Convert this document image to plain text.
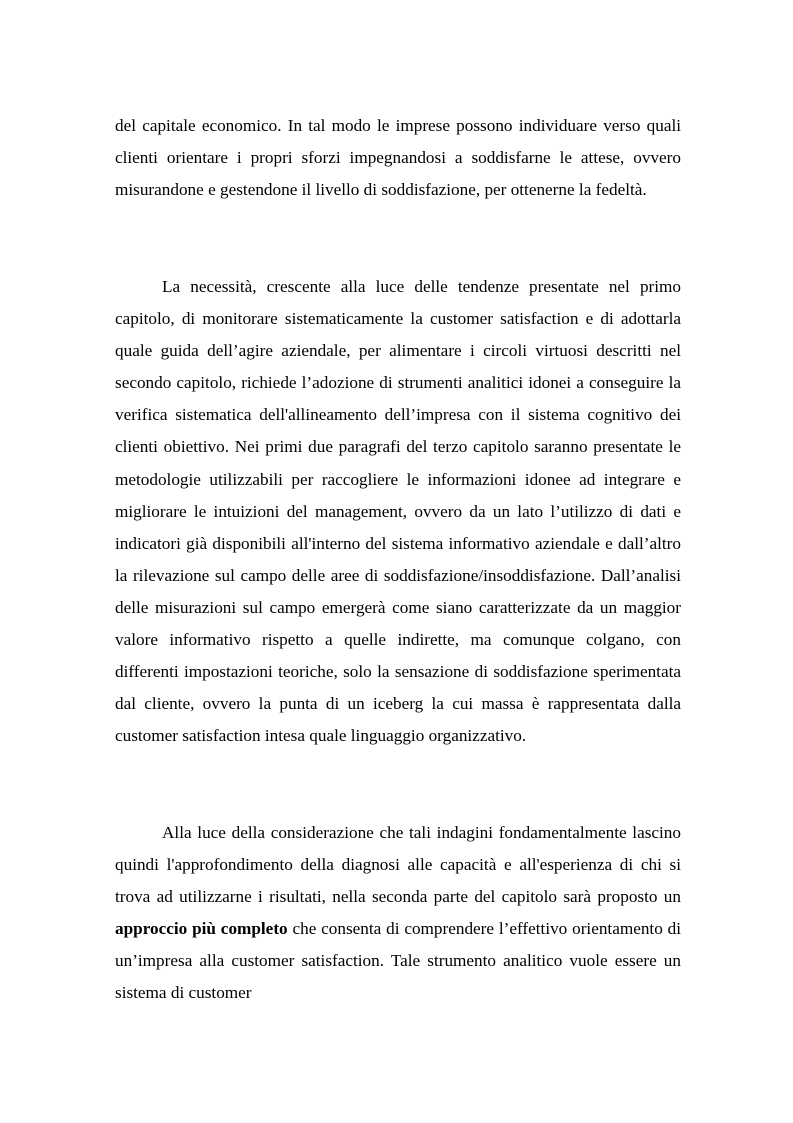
del capitale economico. In tal modo le imprese possono individuare verso quali clienti orientare i propri sforzi impegnandosi a soddisfarne le attese, ovvero misurandone e gestendone il livello di soddisfazione, per ottenerne la fedeltà.

La necessità, crescente alla luce delle tendenze presentate nel primo capitolo, di monitorare sistematicamente la customer satisfaction e di adottarla quale guida dell’agire aziendale, per alimentare i circoli virtuosi descritti nel secondo capitolo, richiede l’adozione di strumenti analitici idonei a conseguire la verifica sistematica dell'allineamento dell’impresa con il sistema cognitivo dei clienti obiettivo. Nei primi due paragrafi del terzo capitolo saranno presentate le metodologie utilizzabili per raccogliere le informazioni idonee ad integrare e migliorare le intuizioni del management, ovvero da un lato l’utilizzo di dati e indicatori già disponibili all'interno del sistema informativo aziendale e dall’altro la rilevazione sul campo delle aree di soddisfazione/insoddisfazione. Dall’analisi delle misurazioni sul campo emergerà come siano caratterizzate da un maggior valore informativo rispetto a quelle indirette, ma comunque colgano, con differenti impostazioni teoriche, solo la sensazione di soddisfazione sperimentata dal cliente, ovvero la punta di un iceberg la cui massa è rappresentata dalla customer satisfaction intesa quale linguaggio organizzativo.

Alla luce della considerazione che tali indagini fondamentalmente lascino quindi l'approfondimento della diagnosi alle capacità e all'esperienza di chi si trova ad utilizzarne i risultati, nella seconda parte del capitolo sarà proposto un approccio più completo che consenta di comprendere l’effettivo orientamento di un’impresa alla customer satisfaction. Tale strumento analitico vuole essere un sistema di customer
